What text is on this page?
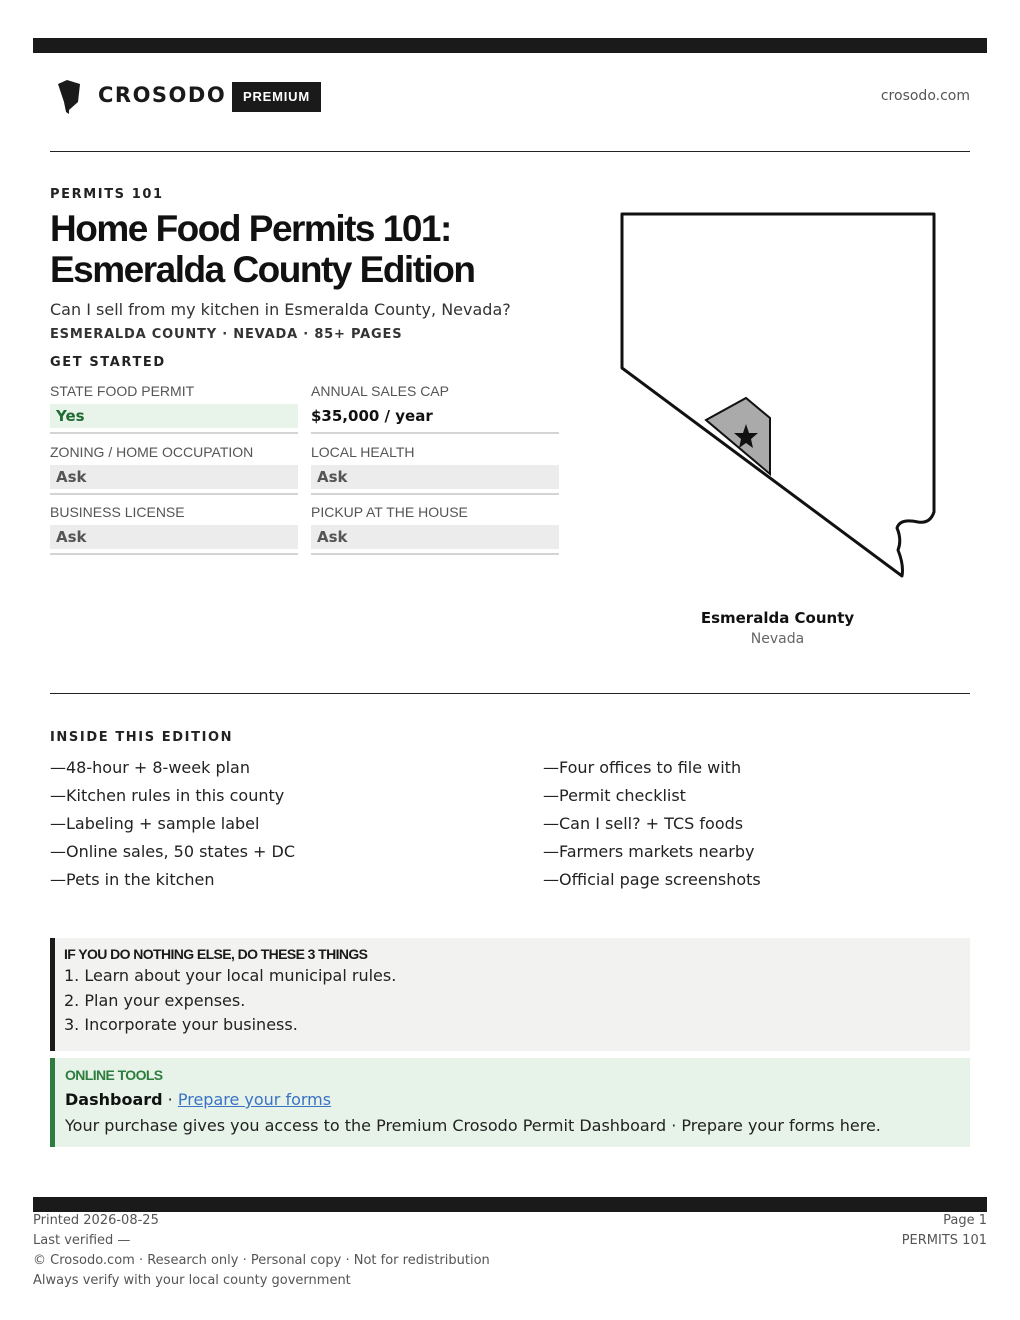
CROSODO	PREMIUM	crosodo.com
PERMITS 101
Home Food Permits 101:
Esmeralda County Edition
Can I sell from my kitchen in Esmeralda County, Nevada?
ESMERALDA COUNTY · NEVADA · 85+ PAGES
GET STARTED
STATE FOOD PERMIT
Yes
ANNUAL SALES CAP
$35,000 / year
ZONING / HOME OCCUPATION
Ask
LOCAL HEALTH
Ask
BUSINESS LICENSE
Ask
PICKUP AT THE HOUSE
Ask
Esmeralda County
Nevada
INSIDE THIS EDITION
—48-hour + 8-week plan
—Kitchen rules in this county
—Labeling + sample label
—Online sales, 50 states + DC
—Pets in the kitchen
—Four offices to file with
—Permit checklist
—Can I sell? + TCS foods
—Farmers markets nearby
—Official page screenshots
IF YOU DO NOTHING ELSE, DO THESE 3 THINGS
1. Learn about your local municipal rules.
2. Plan your expenses.
3. Incorporate your business.
ONLINE TOOLS
Dashboard · Prepare your forms
Your purchase gives you access to the Premium Crosodo Permit Dashboard · Prepare your forms here.
Printed 2026-08-25
Last verified —
© Crosodo.com · Research only · Personal copy · Not for redistribution
Always verify with your local county government
Page 1
PERMITS 101
